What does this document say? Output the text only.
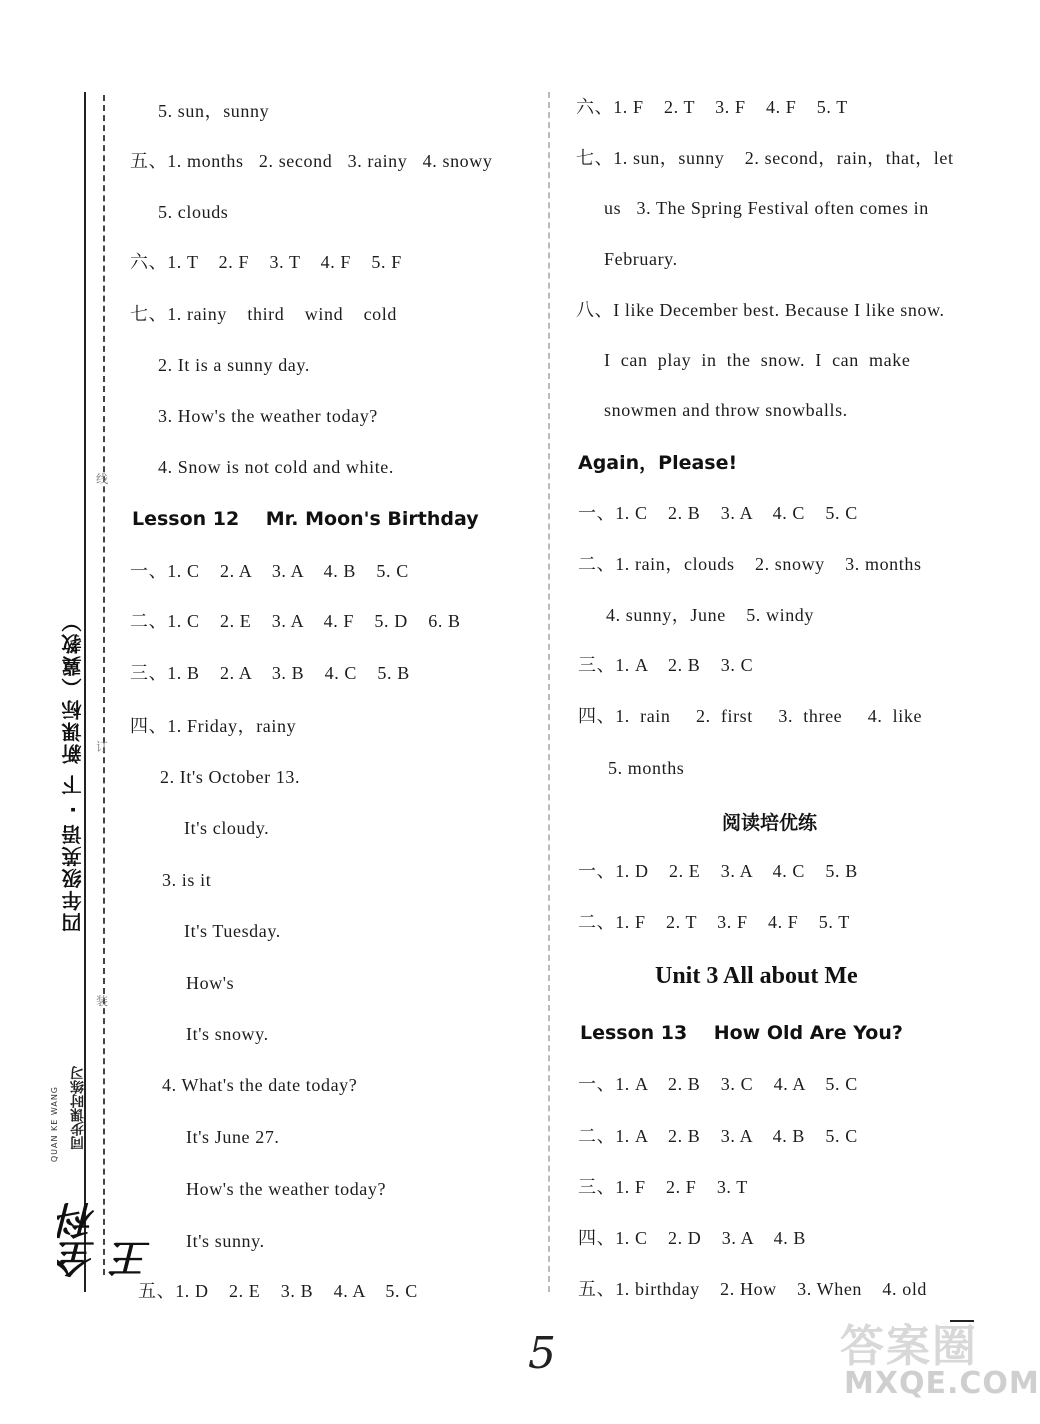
线
订
装
四年级英语 · 下 新课标（冀教）
QUAN KE WANG 同步课时练习
全科王
5. sun，sunny
五、1. months   2. second   3. rainy   4. snowy
5. clouds
六、1. T    2. F    3. T    4. F    5. F
七、1. rainy    third    wind    cold
2. It is a sunny day.
3. How's the weather today?
4. Snow is not cold and white.
一、1. C    2. A    3. A    4. B    5. C
二、1. C    2. E    3. A    4. F    5. D    6. B
三、1. B    2. A    3. B    4. C    5. B
四、1. Friday，rainy
2. It's October 13.
It's cloudy.
3. is it
It's Tuesday.
How's
It's snowy.
4. What's the date today?
It's June 27.
How's the weather today?
It's sunny.
五、1. D    2. E    3. B    4. A    5. C
Lesson 12    Mr. Moon's Birthday
六、1. F    2. T    3. F    4. F    5. T
七、1. sun，sunny    2. second，rain，that，let
us   3. The Spring Festival often comes in
February.
八、I like December best. Because I like snow.
I  can  play  in  the  snow.  I  can  make
snowmen and throw snowballs.
一、1. C    2. B    3. A    4. C    5. C
二、1. rain，clouds    2. snowy    3. months
4. sunny，June    5. windy
三、1. A    2. B    3. C
四、1.  rain     2.  first     3.  three     4.  like
5. months
一、1. D    2. E    3. A    4. C    5. B
二、1. F    2. T    3. F    4. F    5. T
一、1. A    2. B    3. C    4. A    5. C
二、1. A    2. B    3. A    4. B    5. C
三、1. F    2. F    3. T
四、1. C    2. D    3. A    4. B
五、1. birthday    2. How    3. When    4. old
Again，Please!
Lesson 13    How Old Are You?
阅读培优练
Unit 3 All about Me
5	答案圈
MXQE.COM
